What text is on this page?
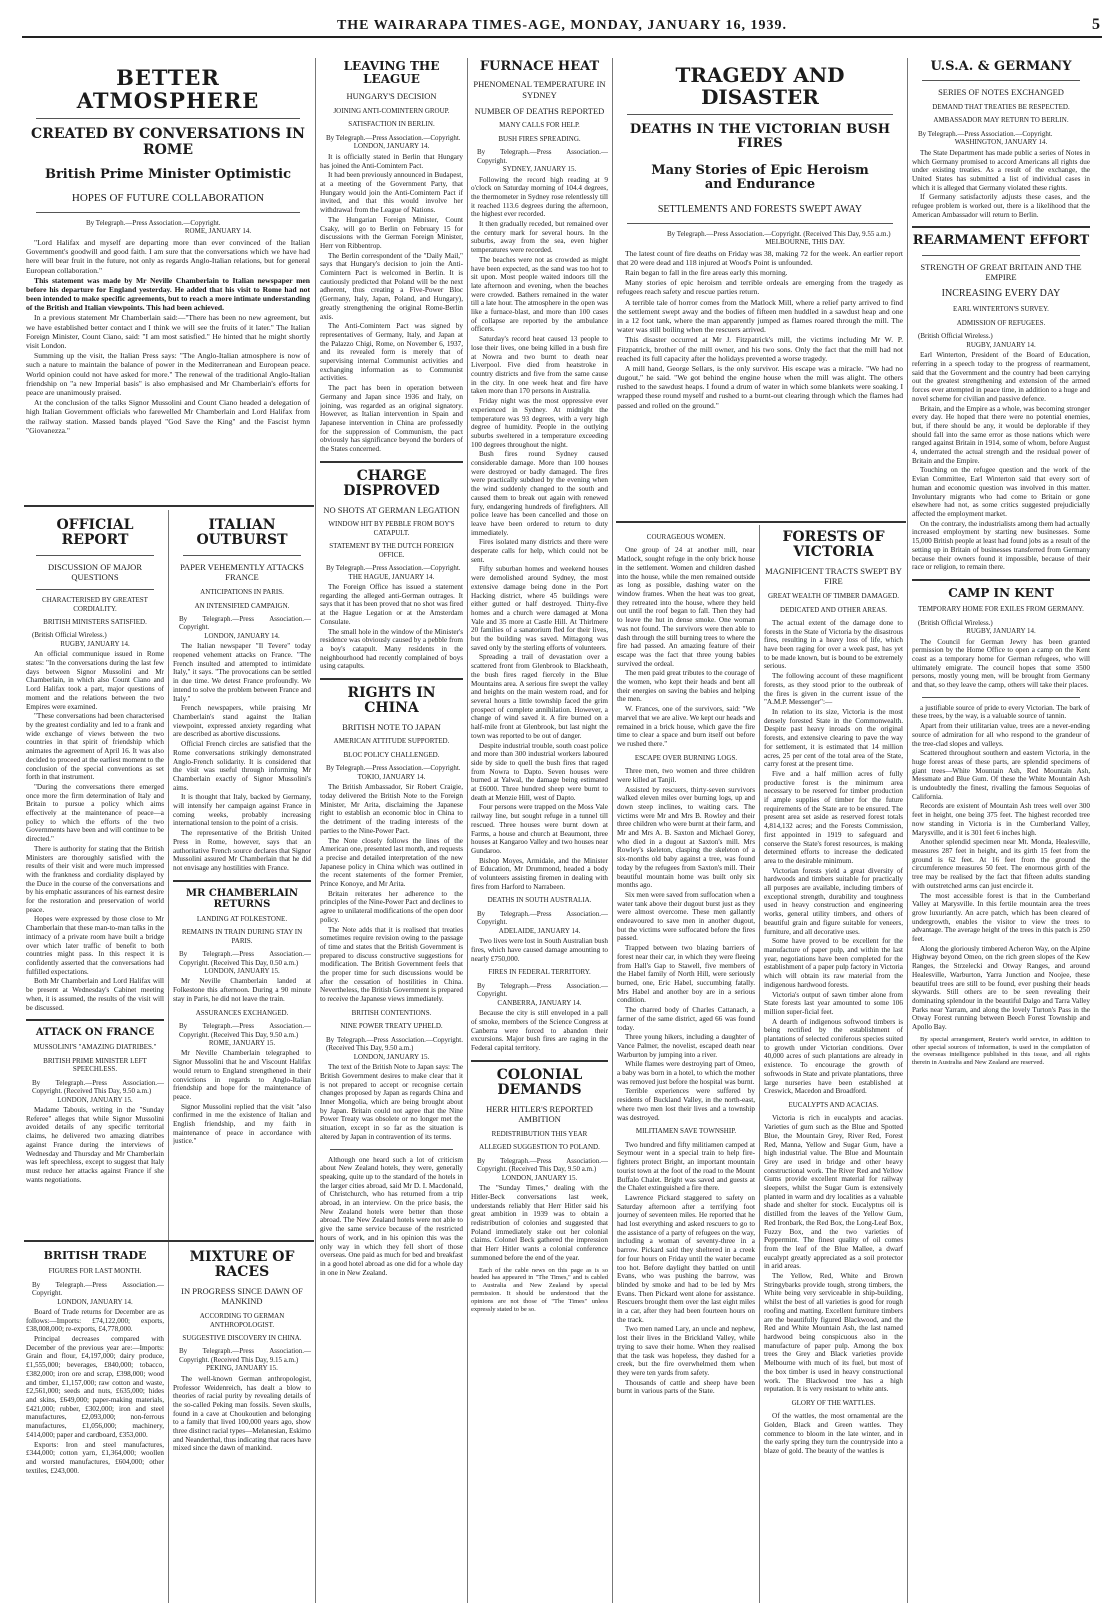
THE WAIRARAPA TIMES-AGE, MONDAY, JANUARY 16, 1939.	5
BETTER ATMOSPHERE
CREATED BY CONVERSATIONS IN ROME
British Prime Minister Optimistic
HOPES OF FUTURE COLLABORATION
By Telegraph.—Press Association.—Copyright.
ROME, JANUARY 14.

"Lord Halifax and myself are departing more than ever convinced of the Italian Government's goodwill and good faith. I am sure that the conversations which we have had here will bear fruit in the future, not only as regards Anglo-Italian relations, but for general European collaboration."

This statement was made by Mr Neville Chamberlain to Italian newspaper men before his departure for England yesterday. He added that his visit to Rome had not been intended to make specific agreements, but to reach a more intimate understanding of the British and Italian viewpoints. This had been achieved.

In a previous statement Mr Chamberlain said:—"There has been no new agreement, but we have established better contact and I think we will see the fruits of it later." The Italian Foreign Minister, Count Ciano, said: "I am most satisfied." He hinted that he might shortly visit London.

Summing up the visit, the Italian Press says: "The Anglo-Italian atmosphere is now of such a nature to maintain the balance of power in the Mediterranean and European peace. World opinion could not have asked for more." The renewal of the traditional Anglo-Italian friendship on "a new Imperial basis" is also emphasised and Mr Chamberlain's efforts for peace are unanimously praised.

At the conclusion of the talks Signor Mussolini and Count Ciano headed a delegation of high Italian Government officials who farewelled Mr Chamberlain and Lord Halifax from the railway station. Massed bands played "God Save the King" and the Fascist hymn "Giovanezza."

OFFICIAL REPORT
DISCUSSION OF MAJOR QUESTIONS
CHARACTERISED BY GREATEST CORDIALITY.
BRITISH MINISTERS SATISFIED.
(British Official Wireless.)
RUGBY, JANUARY 14.

An official communique issued in Rome states: "In the conversations during the last few days between Signor Mussolini and Mr Chamberlain, in which also Count Ciano and Lord Halifax took a part, major questions of moment and the relations between the two Empires were examined.

"These conversations had been characterised by the greatest cordiality and led to a frank and wide exchange of views between the two countries in that spirit of friendship which animates the agreement of April 16. It was also decided to proceed at the earliest moment to the conclusion of the special conventions as set forth in that instrument.

"During the conversations there emerged once more the firm determination of Italy and Britain to pursue a policy which aims effectively at the maintenance of peace—a policy to which the efforts of the two Governments have been and will continue to be directed."

There is authority for stating that the British Ministers are thoroughly satisfied with the results of their visit and were much impressed with the frankness and cordiality displayed by the Duce in the course of the conversations and by his emphatic assurances of his earnest desire for the restoration and preservation of world peace.

Hopes were expressed by those close to Mr Chamberlain that these man-to-man talks in the intimacy of a private room have built a bridge over which later traffic of benefit to both countries might pass. In this respect it is confidently asserted that the conversations had fulfilled expectations.

Both Mr Chamberlain and Lord Halifax will be present at Wednesday's Cabinet meeting when, it is assumed, the results of the visit will be discussed.

ATTACK ON FRANCE
MUSSOLINI'S "AMAZING DIATRIBES."
BRITISH PRIME MINISTER LEFT SPEECHLESS.
By Telegraph.—Press Association.—Copyright. (Received This Day, 9.50 a.m.)
LONDON, JANUARY 15.

Madame Tabouis, writing in the "Sunday Referee" alleges that while Signor Mussolini avoided details of any specific territorial claims, he delivered two amazing diatribes against France during the interviews of Wednesday and Thursday and Mr Chamberlain was left speechless, except to suggest that Italy must reduce her attacks against France if she wants negotiations.

BRITISH TRADE
FIGURES FOR LAST MONTH.
By Telegraph.—Press Association.—Copyright.
LONDON, JANUARY 14.

Board of Trade returns for December are as follows:—Imports: £74,122,000; exports, £38,008,000; re-exports, £4,778,000.

Principal decreases compared with December of the previous year are:—Imports: Grain and flour, £4,197,000; dairy produce, £1,555,000; beverages, £840,000; tobacco, £382,000; iron ore and scrap, £398,000; wood and timber, £1,157,000; raw cotton and waste, £2,561,000; seeds and nuts, £635,000; hides and skins, £649,000; paper-making materials, £421,000; rubber, £302,000; iron and steel manufactures, £2,093,000; non-ferrous manufactures, £1,056,000; machinery, £414,000; paper and cardboard, £353,000.

Exports: Iron and steel manufactures, £344,000; cotton yarn, £1,364,000; woollen and worsted manufactures, £604,000; other textiles, £243,000.

ITALIAN OUTBURST
PAPER VEHEMENTLY ATTACKS FRANCE
ANTICIPATIONS IN PARIS.
AN INTENSIFIED CAMPAIGN.
By Telegraph.—Press Association.—Copyright.
LONDON, JANUARY 14.

The Italian newspaper "Il Tevere" today reopened vehement attacks on France. "The French insulted and attempted to intimidate Italy," it says. "The provocations can be settled in due time. We detest France profoundly. We intend to solve the problem between France and Italy."

French newspapers, while praising Mr Chamberlain's stand against the Italian viewpoint, expressed anxiety regarding what are described as abortive discussions.

Official French circles are satisfied that the Rome conversations strikingly demonstrated Anglo-French solidarity. It is considered that the visit was useful through informing Mr Chamberlain exactly of Signor Mussolini's aims.

It is thought that Italy, backed by Germany, will intensify her campaign against France in coming weeks, probably increasing international tension to the point of a crisis.

The representative of the British United Press in Rome, however, says that an authoritative French source declares that Signor Mussolini assured Mr Chamberlain that he did not envisage any hostilities with France.

MR CHAMBERLAIN RETURNS
LANDING AT FOLKESTONE.
REMAINS IN TRAIN DURING STAY IN PARIS.
By Telegraph.—Press Association.—Copyright. (Received This Day, 0.50 a.m.)
LONDON, JANUARY 15.

Mr Neville Chamberlain landed at Folkestone this afternoon. During a 90 minute stay in Paris, he did not leave the train.

ASSURANCES EXCHANGED.
By Telegraph.—Press Association.—Copyright. (Received This Day, 9.50 a.m.)
ROME, JANUARY 15.

Mr Neville Chamberlain telegraphed to Signor Mussolini that he and Viscount Halifax would return to England strengthened in their convictions in regards to Anglo-Italian friendship and hope for the maintenance of peace.

Signor Mussolini replied that the visit "also confirmed in me the existence of Italian and English friendship, and my faith in maintenance of peace in accordance with justice."

MIXTURE OF RACES
IN PROGRESS SINCE DAWN OF MANKIND
ACCORDING TO GERMAN ANTHROPOLOGIST.
SUGGESTIVE DISCOVERY IN CHINA.
By Telegraph.—Press Association.—Copyright. (Received This Day, 9.15 a.m.)
PEKING, JANUARY 15.

The well-known German anthropologist, Professor Weidenreich, has dealt a blow to theories of racial purity by revealing details of the so-called Peking man fossils. Seven skulls, found in a cave at Choukoutien and belonging to a family that lived 100,000 years ago, show three distinct racial types—Melanesian, Eskimo and Neanderthal, thus indicating that races have mixed since the dawn of mankind.

LEAVING THE LEAGUE
HUNGARY'S DECISION
JOINING ANTI-COMINTERN GROUP.
SATISFACTION IN BERLIN.
By Telegraph.—Press Association.—Copyright.
LONDON, JANUARY 14.

It is officially stated in Berlin that Hungary has joined the Anti-Comintern Pact.

It had been previously announced in Budapest, at a meeting of the Government Party, that Hungary would join the Anti-Comintern Pact if invited, and that this would involve her withdrawal from the League of Nations.

The Hungarian Foreign Minister, Count Csaky, will go to Berlin on February 15 for discussions with the German Foreign Minister, Herr von Ribbentrop.

The Berlin correspondent of the "Daily Mail," says that Hungary's decision to join the Anti-Comintern Pact is welcomed in Berlin. It is cautiously predicted that Poland will be the next adherent, thus creating a Five-Power Bloc (Germany, Italy, Japan, Poland, and Hungary), greatly strengthening the original Rome-Berlin axis.

The Anti-Comintern Pact was signed by representatives of Germany, Italy, and Japan at the Palazzo Chigi, Rome, on November 6, 1937, and its revealed form is merely that of supervising internal Communist activities and exchanging information as to Communist activities.

The pact has been in operation between Germany and Japan since 1936 and Italy, on joining, was regarded as an original signatory. However, as Italian intervention in Spain and Japanese intervention in China are professedly for the suppression of Communism, the pact obviously has significance beyond the borders of the States concerned.

CHARGE DISPROVED
NO SHOTS AT GERMAN LEGATION
WINDOW HIT BY PEBBLE FROM BOY'S CATAPULT.
STATEMENT BY THE DUTCH FOREIGN OFFICE.
By Telegraph.—Press Association.—Copyright.
THE HAGUE, JANUARY 14.

The Foreign Office has issued a statement regarding the alleged anti-German outrages. It says that it has been proved that no shot was fired at the Hague Legation or at the Amsterdam Consulate.

The small hole in the window of the Minister's residence was obviously caused by a pebble from a boy's catapult. Many residents in the neighbourhood had recently complained of boys using catapults.

RIGHTS IN CHINA
BRITISH NOTE TO JAPAN
AMERICAN ATTITUDE SUPPORTED.
BLOC POLICY CHALLENGED.
By Telegraph.—Press Association.—Copyright.
TOKIO, JANUARY 14.

The British Ambassador, Sir Robert Craigie, today delivered the British Note to the Foreign Minister, Mr Arita, disclaiming the Japanese right to establish an economic bloc in China to the detriment of the trading interests of the parties to the Nine-Power Pact.

The Note closely follows the lines of the American one, presented last month, and requests a precise and detailed interpretation of the new Japanese policy in China which was outlined in the recent statements of the former Premier, Prince Konoye, and Mr Arita.

Britain reiterates her adherence to the principles of the Nine-Power Pact and declines to agree to unilateral modifications of the open door policy.

The Note adds that it is realised that treaties sometimes require revision owing to the passage of time and states that the British Government is prepared to discuss constructive suggestions for modification. The British Government feels that the proper time for such discussions would be after the cessation of hostilities in China. Nevertheless, the British Government is prepared to receive the Japanese views immediately.

BRITISH CONTENTIONS.
NINE POWER TREATY UPHELD.
By Telegraph.—Press Association.—Copyright. (Received This Day, 9.50 a.m.)
LONDON, JANUARY 15.

The text of the British Note to Japan says: The British Government desires to make clear that it is not prepared to accept or recognise certain changes proposed by Japan as regards China and Inner Mongolia, which are being brought about by Japan. Britain could not agree that the Nine Power Treaty was obsolete or no longer met the situation, except in so far as the situation is altered by Japan in contravention of its terms.

Although one heard such a lot of criticism about New Zealand hotels, they were, generally speaking, quite up to the standard of the hotels in the larger cities abroad, said Mr D. I. Macdonald, of Christchurch, who has returned from a trip abroad, in an interview. On the price basis, the New Zealand hotels were better than those abroad. The New Zealand hotels were not able to give the same service because of the restricted hours of work, and in his opinion this was the only way in which they fell short of those overseas. One paid as much for bed and breakfast in a good hotel abroad as one did for a whole day in one in New Zealand.

FURNACE HEAT
PHENOMENAL TEMPERATURE IN SYDNEY
NUMBER OF DEATHS REPORTED
MANY CALLS FOR HELP.
BUSH FIRES SPREADING.
By Telegraph.—Press Association.—Copyright.
SYDNEY, JANUARY 15.

Following the record high reading at 9 o'clock on Saturday morning of 104.4 degrees, the thermometer in Sydney rose relentlessly till it reached 113.6 degrees during the afternoon, the highest ever recorded.

It then gradually receded, but remained over the century mark for several hours. In the suburbs, away from the sea, even higher temperatures were recorded.

The beaches were not as crowded as might have been expected, as the sand was too hot to sit upon. Most people waited indoors till the late afternoon and evening, when the beaches were crowded. Bathers remained in the water till a late hour. The atmosphere in the open was like a furnace-blast, and more than 100 cases of collapse are reported by the ambulance officers.

Saturday's record heat caused 13 people to lose their lives, one being killed in a bush fire at Nowra and two burnt to death near Liverpool. Five died from heatstroke in country districts and five from the same cause in the city. In one week heat and fire have taken more than 170 persons in Australia.

Friday night was the most oppressive ever experienced in Sydney. At midnight the temperature was 93 degrees, with a very high degree of humidity. People in the outlying suburbs sweltered in a temperature exceeding 100 degrees throughout the night.

Bush fires round Sydney caused considerable damage. More than 100 houses were destroyed or badly damaged. The fires were practically subdued by the evening when the wind suddenly changed to the south and caused them to break out again with renewed fury, endangering hundreds of firefighters. All police leave has been cancelled and those on leave have been ordered to return to duty immediately.

Fires isolated many districts and there were desperate calls for help, which could not be sent.

Fifty suburban homes and weekend houses were demolished around Sydney, the most extensive damage being done in the Port Hacking district, where 45 buildings were either gutted or half destroyed. Thirty-five homes and a church were damaged at Mona Vale and 35 more at Castle Hill. At Thirlmere 20 families of a sanatorium fled for their lives, but the building was saved. Mittagong was saved only by the sterling efforts of volunteers.

Spreading a trail of devastation over a scattered front from Glenbrook to Blackheath, the bush fires raged fiercely in the Blue Mountains area. A serious fire swept the valley and heights on the main western road, and for several hours a little township faced the grim prospect of complete annihilation. However, a change of wind saved it. A fire burned on a half-mile front at Glenbrook, but last night the town was reported to be out of danger.

Despite industrial trouble, south coast police and more than 300 industrial workers laboured side by side to quell the bush fires that raged from Nowra to Dapto. Seven houses were burned at Yalwal, the damage being estimated at £6000. Three hundred sheep were burnt to death at Menzie Hill, west of Dapto.

Four persons were trapped on the Moss Vale railway line, but sought refuge in a tunnel till rescued. Three houses were burnt down at Farms, a house and church at Beaumont, three houses at Kangaroo Valley and two houses near Gundaroo.

Bishop Moyes, Armidale, and the Minister of Education, Mr Drummond, headed a body of volunteers assisting firemen in dealing with fires from Harford to Narrabeen.

DEATHS IN SOUTH AUSTRALIA.
By Telegraph.—Press Association.—Copyright.
ADELAIDE, JANUARY 14.

Two lives were lost in South Australian bush fires, which have caused damage amounting to nearly £750,000.

FIRES IN FEDERAL TERRITORY.
By Telegraph.—Press Association.—Copyright.
CANBERRA, JANUARY 14.

Because the city is still enveloped in a pall of smoke, members of the Science Congress at Canberra were forced to abandon their excursions. Major bush fires are raging in the Federal capital territory.

COLONIAL DEMANDS
HERR HITLER'S REPORTED AMBITION
REDISTRIBUTION THIS YEAR
ALLEGED SUGGESTION TO POLAND.
By Telegraph.—Press Association.—Copyright. (Received This Day, 9.50 a.m.)
LONDON, JANUARY 15.

The "Sunday Times," dealing with the Hitler-Beck conversations last week, understands reliably that Herr Hitler said his great ambition in 1939 was to obtain a redistribution of colonies and suggested that Poland immediately stake out her colonial claims. Colonel Beck gathered the impression that Herr Hitler wants a colonial conference summoned before the end of the year.

Each of the cable news on this page as is so headed has appeared in "The Times," and is cabled to Australia and New Zealand by special permission. It should be understood that the opinions are not those of "The Times" unless expressly stated to be so.

TRAGEDY AND DISASTER
DEATHS IN THE VICTORIAN BUSH FIRES
Many Stories of Epic Heroism and Endurance
SETTLEMENTS AND FORESTS SWEPT AWAY
By Telegraph.—Press Association.—Copyright. (Received This Day, 9.55 a.m.)
MELBOURNE, THIS DAY.

The latest count of fire deaths on Friday was 38, making 72 for the week. An earlier report that 20 were dead and 118 injured at Wood's Point is unfounded.

Rain began to fall in the fire areas early this morning.

Many stories of epic heroism and terrible ordeals are emerging from the tragedy as refugees reach safety and rescue parties return.

A terrible tale of horror comes from the Matlock Mill, where a relief party arrived to find the settlement swept away and the bodies of fifteen men huddled in a sawdust heap and one in a 12 foot tank, where the man apparently jumped as flames roared through the mill. The water was still boiling when the rescuers arrived.

This disaster occurred at Mr J. Fitzpatrick's mill, the victims including Mr W. P. Fitzpatrick, brother of the mill owner, and his two sons. Only the fact that the mill had not reached its full capacity after the holidays prevented a worse tragedy.

A mill hand, George Sellars, is the only survivor. His escape was a miracle. "We had no dugout," he said. "We got behind the engine house when the mill was alight. The others rushed to the sawdust heaps. I found a drum of water in which some blankets were soaking. I wrapped these round myself and rushed to a burnt-out clearing through which the flames had passed and rolled on the ground."

COURAGEOUS WOMEN.

One group of 24 at another mill, near Matlock, sought refuge in the only brick house in the settlement. Women and children dashed into the house, while the men remained outside as long as possible, dashing water on the window frames. When the heat was too great, they retreated into the house, where they held out until the roof began to fall. Then they had to leave the hut in dense smoke. One woman was not found. The survivors were then able to dash through the still burning trees to where the fire had passed. An amazing feature of their escape was the fact that three young babies survived the ordeal.

The men paid great tributes to the courage of the women, who kept their heads and bent all their energies on saving the babies and helping the men.

W. Frances, one of the survivors, said: "We marvel that we are alive. We kept our heads and remained in a brick house, which gave the fire time to clear a space and burn itself out before we rushed there."

ESCAPE OVER BURNING LOGS.

Three men, two women and three children were killed at Tanjil.

Assisted by rescuers, thirty-seven survivors walked eleven miles over burning logs, up and down steep inclines, to waiting cars. The victims were Mr and Mrs B. Rowley and their three children who were burnt at their farm, and Mr and Mrs A. B. Saxton and Michael Gorey, who died in a dugout at Saxton's mill. Mrs Rowley's skeleton, clasping the skeleton of a six-months old baby against a tree, was found today by the refugees from Saxton's mill. Their beautiful mountain home was built only six months ago.

Six men were saved from suffocation when a water tank above their dugout burst just as they were almost overcome. These men gallantly endeavoured to save men in another dugout, but the victims were suffocated before the fires passed.

Trapped between two blazing barriers of forest near their car, in which they were fleeing from Hall's Gap to Stawell, five members of the Habel family of North Hill, were seriously burned, one, Eric Habel, succumbing fatally. Mrs Habel and another boy are in a serious condition.

The charred body of Charles Cattanach, a farmer of the same district, aged 66 was found today.

Three young hikers, including a daughter of Vance Palmer, the novelist, escaped death near Warburton by jumping into a river.

While flames were destroying part of Omeo, a baby was born in a hotel, to which the mother was removed just before the hospital was burnt.

Terrible experiences were suffered by residents of Buckland Valley, in the north-east, where two men lost their lives and a township was destroyed.

MILITIAMEN SAVE TOWNSHIP.

Two hundred and fifty militiamen camped at Seymour went in a special train to help fire-fighters protect Bright, an important mountain tourist town at the foot of the road to the Mount Buffalo Chalet. Bright was saved and guests at the Chalet extinguished a fire there.

Lawrence Pickard staggered to safety on Saturday afternoon after a terrifying foot journey of seventeen miles. He reported that he had lost everything and asked rescuers to go to the assistance of a party of refugees on the way, including a woman of seventy-three in a barrow. Pickard said they sheltered in a creek for four hours on Friday until the water became too hot. Before daylight they battled on until Evans, who was pushing the barrow, was blinded by smoke and had to be led by Mrs Evans. Then Pickard went alone for assistance. Rescuers brought them over the last eight miles in a car, after they had been fourteen hours on the track.

Two men named Lary, an uncle and nephew, lost their lives in the Brickland Valley, while trying to save their home. When they realised that the task was hopeless, they dashed for a creek, but the fire overwhelmed them when they were ten yards from safety.

Thousands of cattle and sheep have been burnt in various parts of the State.

FORESTS OF VICTORIA
MAGNIFICENT TRACTS SWEPT BY FIRE
GREAT WEALTH OF TIMBER DAMAGED.
DEDICATED AND OTHER AREAS.

The actual extent of the damage done to forests in the State of Victoria by the disastrous fires, resulting in a heavy loss of life, which have been raging for over a week past, has yet to be made known, but is bound to be extremely serious.

The following account of these magnificent forests, as they stood prior to the outbreak of the fires is given in the current issue of the "A.M.P. Messenger":—

In relation to its size, Victoria is the most densely forested State in the Commonwealth. Despite past heavy inroads on the original forests, and extensive clearing to pave the way for settlement, it is estimated that 14 million acres, 25 per cent of the total area of the State, carry forest at the present time.

Five and a half million acres of fully productive forest is the minimum area necessary to be reserved for timber production if ample supplies of timber for the future requirements of the State are to be ensured. The present area set aside as reserved forest totals 4,814,132 acres; and the Forests Commission, first appointed in 1919 to safeguard and conserve the State's forest resources, is making determined efforts to increase the dedicated area to the desirable minimum.

Victorian forests yield a great diversity of hardwoods and timbers suitable for practically all purposes are available, including timbers of exceptional strength, durability and toughness used in heavy construction and engineering works, general utility timbers, and others of beautiful grain and figure suitable for veneers, furniture, and all decorative uses.

Some have proved to be excellent for the manufacture of paper pulp, and within the last year, negotiations have been completed for the establishment of a paper pulp factory in Victoria which will obtain its raw material from the indigenous hardwood forests.

Victoria's output of sawn timber alone from State forests last year amounted to some 106 million super-ficial feet.

A dearth of indigenous softwood timbers is being rectified by the establishment of plantations of selected coniferous species suited to growth under Victorian conditions. Over 40,000 acres of such plantations are already in existence. To encourage the growth of softwoods in State and private plantations, three large nurseries have been established at Creswick, Macedon and Broadford.

EUCALYPTS AND ACACIAS.

Victoria is rich in eucalypts and acacias. Varieties of gum such as the Blue and Spotted Blue, the Mountain Grey, River Red, Forest Red, Manna, Yellow and Sugar Gum, have a high industrial value. The Blue and Mountain Grey are used in bridge and other heavy constructional work. The River Red and Yellow Gums provide excellent material for railway sleepers, whilst the Sugar Gum is extensively planted in warm and dry localities as a valuable shade and shelter for stock. Eucalyptus oil is distilled from the leaves of the Yellow Gum, Red Ironbark, the Red Box, the Long-Leaf Box, Fuzzy Box, and the two varieties of Peppermint. The finest quality of oil comes from the leaf of the Blue Mallee, a dwarf eucalypt greatly appreciated as a soil protector in arid areas.

The Yellow, Red, White and Brown Stringybarks provide tough, strong timbers, the White being very serviceable in ship-building, whilst the best of all varieties is good for rough roofing and matting. Excellent furniture timbers are the beautifully figured Blackwood, and the Red and White Mountain Ash, the last named hardwood being conspicuous also in the manufacture of paper pulp. Among the box trees the Grey and Black varieties provide Melbourne with much of its fuel, but most of the box timber is used in heavy constructional work. The Blackwood tree has a high reputation. It is very resistant to white ants.

GLORY OF THE WATTLES.

Of the wattles, the most ornamental are the Golden, Black and Green wattles. They commence to bloom in the late winter, and in the early spring they turn the countryside into a blaze of gold. The beauty of the wattles is

U.S.A. & GERMANY
SERIES OF NOTES EXCHANGED
DEMAND THAT TREATIES BE RESPECTED.
AMBASSADOR MAY RETURN TO BERLIN.
By Telegraph.—Press Association.—Copyright.
WASHINGTON, JANUARY 14.

The State Department has made public a series of Notes in which Germany promised to accord Americans all rights due under existing treaties. As a result of the exchange, the United States has submitted a list of individual cases in which it is alleged that Germany violated these rights.

If Germany satisfactorily adjusts these cases, and the refugee problem is worked out, there is a likelihood that the American Ambassador will return to Berlin.

REARMAMENT EFFORT
STRENGTH OF GREAT BRITAIN AND THE EMPIRE
INCREASING EVERY DAY
EARL WINTERTON'S SURVEY.
ADMISSION OF REFUGEES.
(British Official Wireless.)
RUGBY, JANUARY 14.

Earl Winterton, President of the Board of Education, referring in a speech today to the progress of rearmament, said that the Government and the country had been carrying out the greatest strengthening and extension of the armed forces ever attempted in peace time, in addition to a huge and novel scheme for civilian and passive defence.

Britain, and the Empire as a whole, was becoming stronger every day. He hoped that there were no potential enemies, but, if there should be any, it would be deplorable if they should fall into the same error as those nations which were ranged against Britain in 1914, some of whom, before August 4, underrated the actual strength and the residual power of Britain and the Empire.

Touching on the refugee question and the work of the Evian Committee, Earl Winterton said that every sort of human and economic question was involved in this matter. Involuntary migrants who had come to Britain or gone elsewhere had not, as some critics suggested prejudicially affected the employment market.

On the contrary, the industrialists among them had actually increased employment by starting new businesses. Some 15,000 British people at least had found jobs as a result of the setting up in Britain of businesses transferred from Germany because their owners found it impossible, because of their race or religion, to remain there.

CAMP IN KENT
TEMPORARY HOME FOR EXILES FROM GERMANY.
(British Official Wireless.)
RUGBY, JANUARY 14.

The Council for German Jewry has been granted permission by the Home Office to open a camp on the Kent coast as a temporary home for German refugees, who will ultimately emigrate. The council hopes that some 3500 persons, mostly young men, will be brought from Germany and that, so they leave the camp, others will take their places.

a justifiable source of pride to every Victorian. The bark of these trees, by the way, is a valuable source of tannin.

Apart from their utilitarian value, trees are a never-ending source of admiration for all who respond to the grandeur of the tree-clad slopes and valleys.

Scattered throughout southern and eastern Victoria, in the huge forest areas of these parts, are splendid specimens of giant trees—White Mountain Ash, Red Mountain Ash, Messmate and Blue Gum. Of these the White Mountain Ash is undoubtedly the finest, rivalling the famous Sequoias of California.

Records are existent of Mountain Ash trees well over 300 feet in height, one being 375 feet. The highest recorded tree now standing in Victoria is in the Cumberland Valley, Marysville, and it is 301 feet 6 inches high.

Another splendid specimen near Mt. Monda, Healesville, measures 287 feet in height, and its girth 15 feet from the ground is 62 feet. At 16 feet from the ground the circumference measures 50 feet. The enormous girth of the tree may be realised by the fact that fifteen adults standing with outstretched arms can just encircle it.

The most accessible forest is that in the Cumberland Valley at Marysville. In this fertile mountain area the trees grow luxuriantly. An acre patch, which has been cleared of undergrowth, enables the visitor to view the trees to advantage. The average height of the trees in this patch is 250 feet.

Along the gloriously timbered Acheron Way, on the Alpine Highway beyond Omeo, on the rich green slopes of the Kew Ranges, the Strzelecki and Otway Ranges, and around Healesville, Warburton, Yarra Junction and Noojee, these beautiful trees are still to be found, ever pushing their heads skywards. Still others are to be seen revealing their dominating splendour in the beautiful Dalgo and Tarra Valley Parks near Yarram, and along the lovely Turton's Pass in the Otway Forest running between Beech Forest Township and Apollo Bay.

By special arrangement, Reuter's world service, in addition to other special sources of information, is used in the compilation of the overseas intelligence published in this issue, and all rights therein in Australia and New Zealand are reserved.
